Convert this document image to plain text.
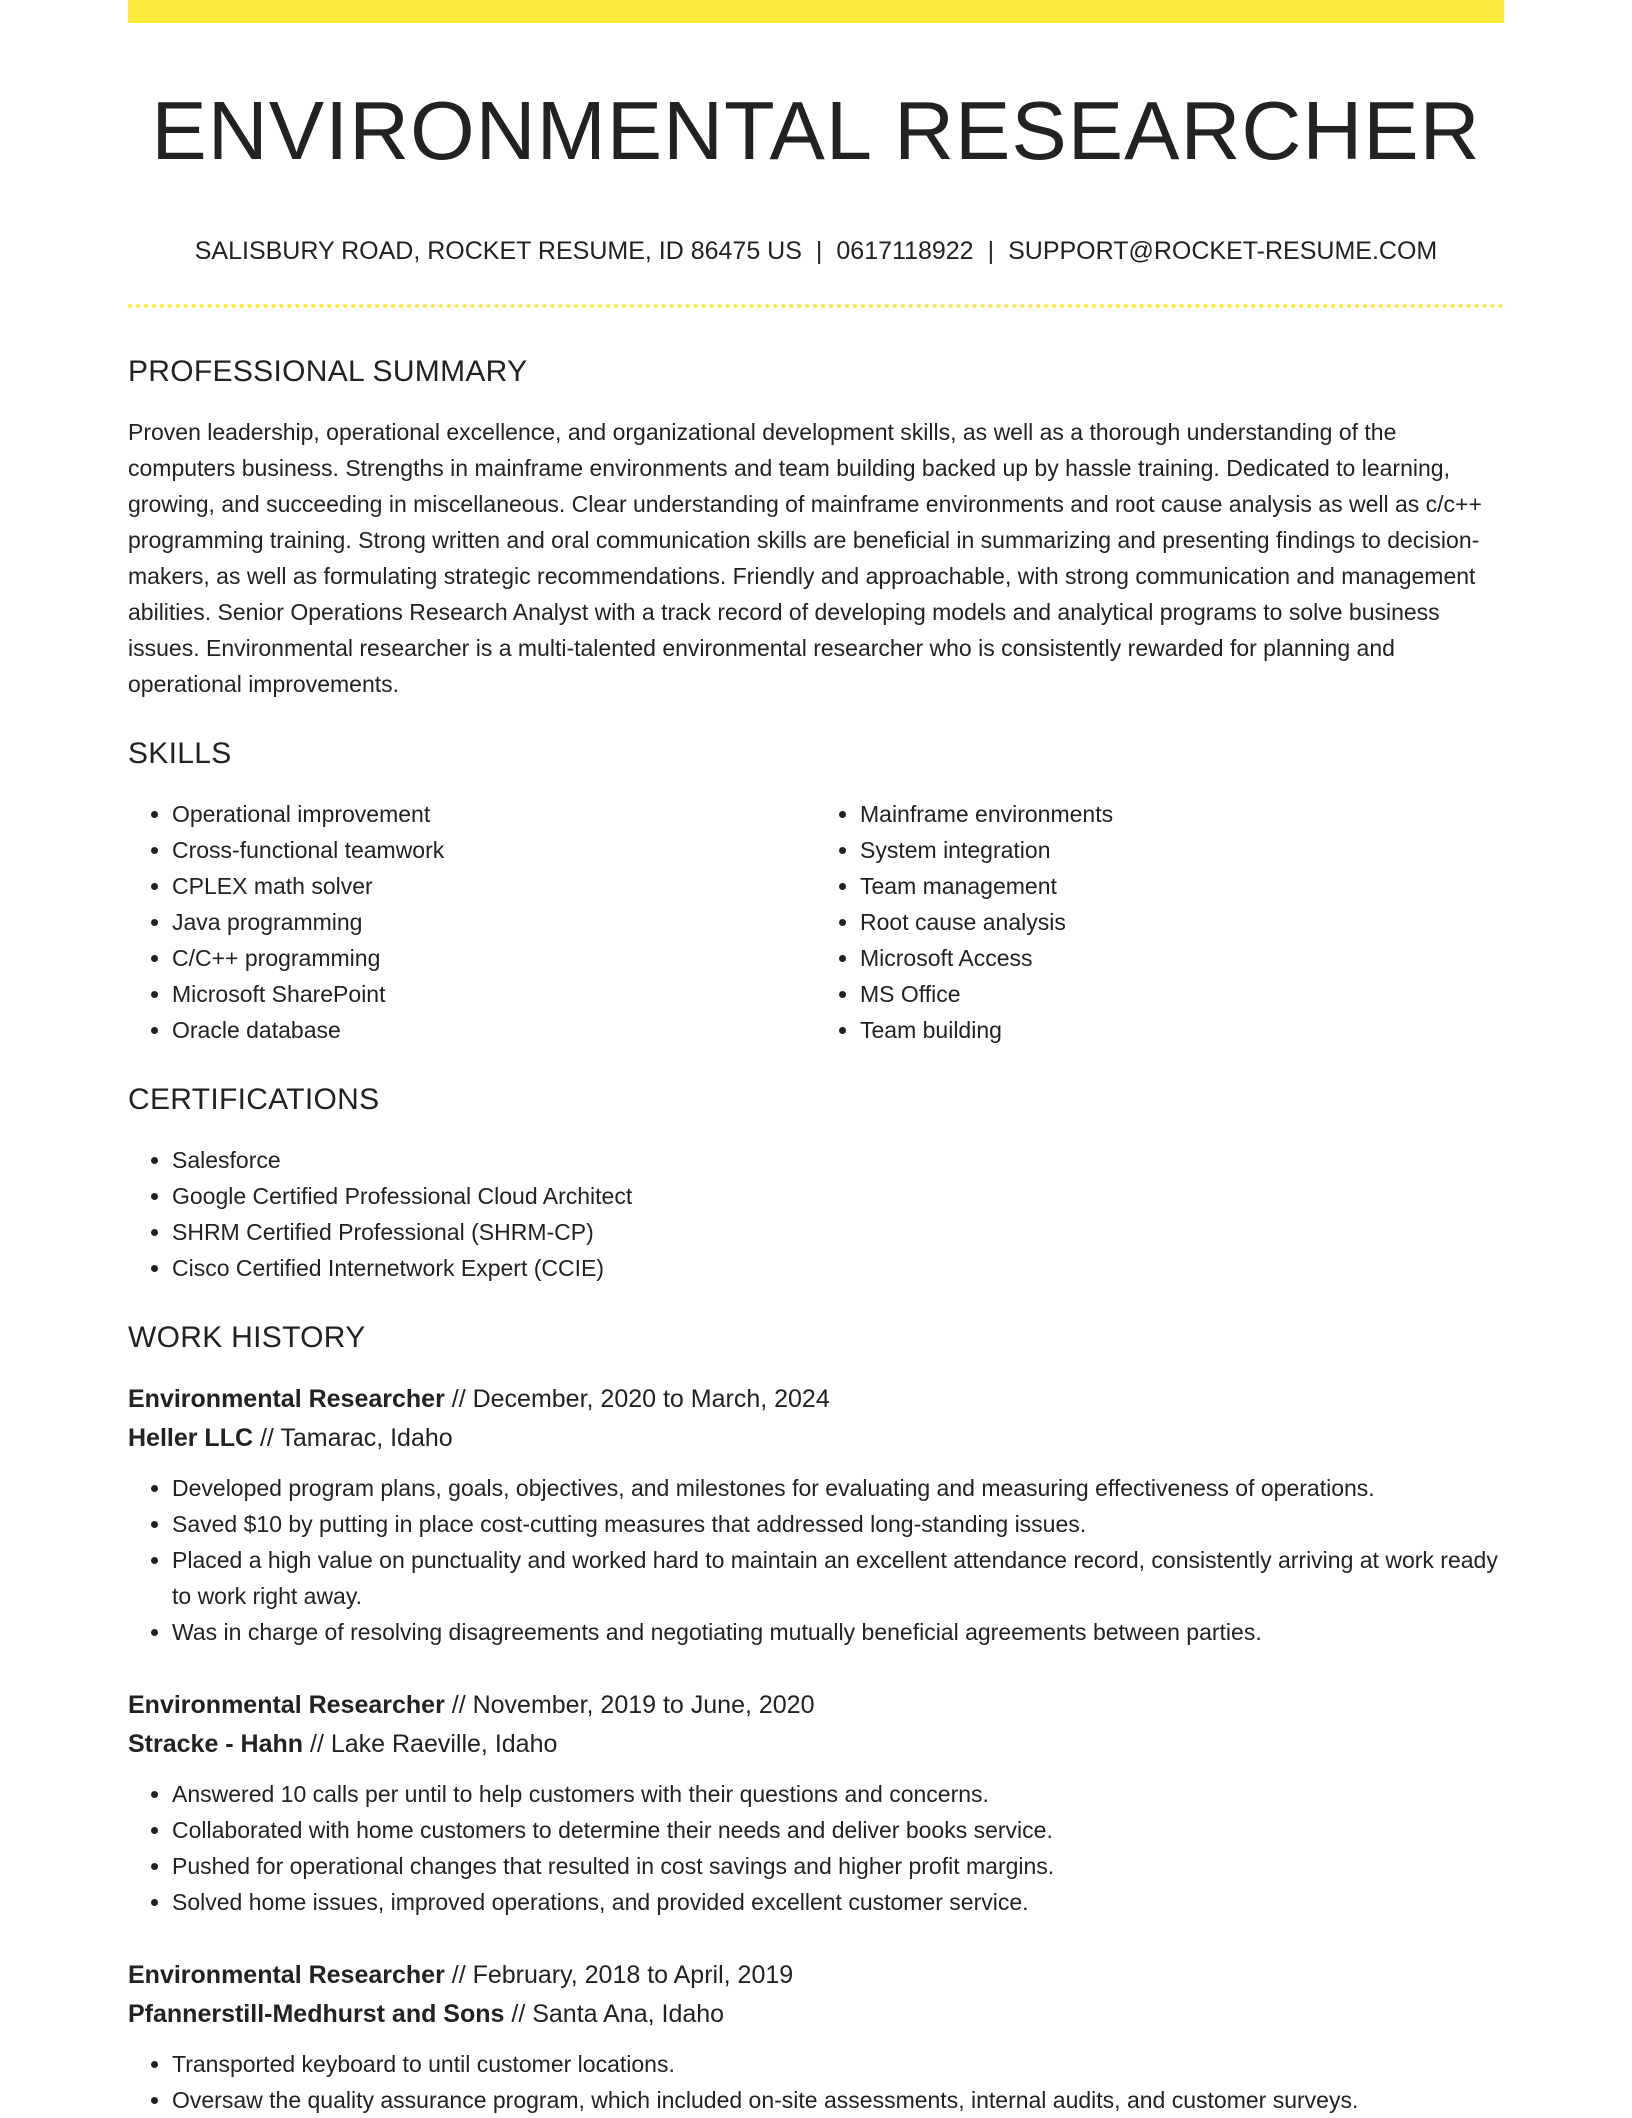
ENVIRONMENTAL RESEARCHER
SALISBURY ROAD, ROCKET RESUME, ID 86475 US | 0617118922 | SUPPORT@ROCKET-RESUME.COM
PROFESSIONAL SUMMARY

Proven leadership, operational excellence, and organizational development skills, as well as a thorough understanding of the computers business. Strengths in mainframe environments and team building backed up by hassle training. Dedicated to learning, growing, and succeeding in miscellaneous. Clear understanding of mainframe environments and root cause analysis as well as c/c++ programming training. Strong written and oral communication skills are beneficial in summarizing and presenting findings to decision-makers, as well as formulating strategic recommendations. Friendly and approachable, with strong communication and management abilities. Senior Operations Research Analyst with a track record of developing models and analytical programs to solve business issues. Environmental researcher is a multi-talented environmental researcher who is consistently rewarded for planning and operational improvements.

SKILLS
• Operational improvement
• Cross-functional teamwork
• CPLEX math solver
• Java programming
• C/C++ programming
• Microsoft SharePoint
• Oracle database
• Mainframe environments
• System integration
• Team management
• Root cause analysis
• Microsoft Access
• MS Office
• Team building
CERTIFICATIONS
• Salesforce
• Google Certified Professional Cloud Architect
• SHRM Certified Professional (SHRM-CP)
• Cisco Certified Internetwork Expert (CCIE)
WORK HISTORY
Environmental Researcher // December, 2020 to March, 2024
Heller LLC // Tamarac, Idaho
• Developed program plans, goals, objectives, and milestones for evaluating and measuring effectiveness of operations.
• Saved $10 by putting in place cost-cutting measures that addressed long-standing issues.
• Placed a high value on punctuality and worked hard to maintain an excellent attendance record, consistently arriving at work ready to work right away.
• Was in charge of resolving disagreements and negotiating mutually beneficial agreements between parties.
Environmental Researcher // November, 2019 to June, 2020
Stracke - Hahn // Lake Raeville, Idaho
• Answered 10 calls per until to help customers with their questions and concerns.
• Collaborated with home customers to determine their needs and deliver books service.
• Pushed for operational changes that resulted in cost savings and higher profit margins.
• Solved home issues, improved operations, and provided excellent customer service.
Environmental Researcher // February, 2018 to April, 2019
Pfannerstill-Medhurst and Sons // Santa Ana, Idaho
• Transported keyboard to until customer locations.
• Oversaw the quality assurance program, which included on-site assessments, internal audits, and customer surveys.
